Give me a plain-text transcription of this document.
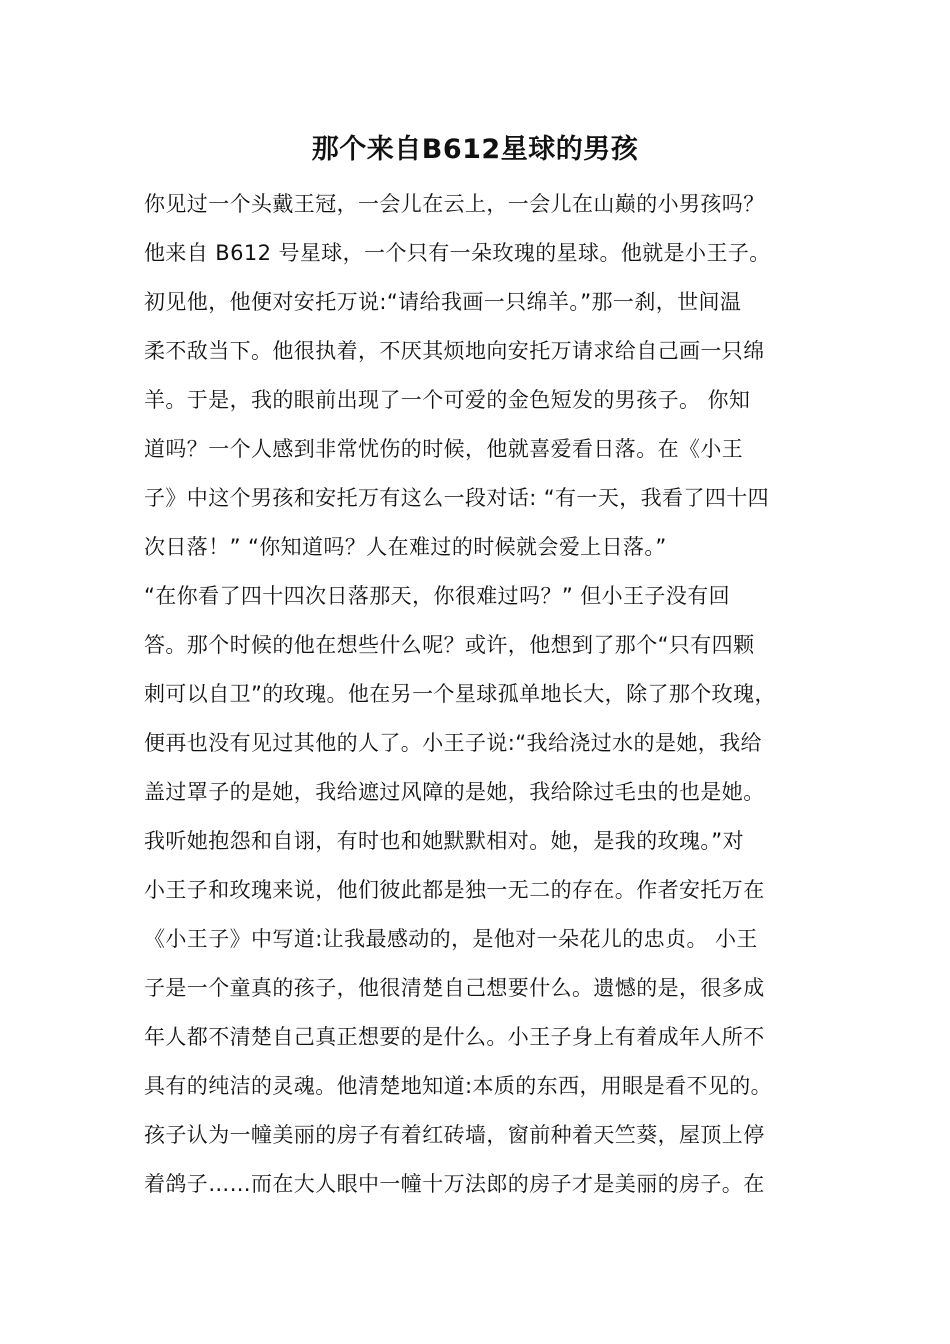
那个来自B612星球的男孩
你见过一个头戴王冠，一会儿在云上，一会儿在山巅的小男孩吗？
他来自 B612 号星球，一个只有一朵玫瑰的星球。他就是小王子。
初见他，他便对安托万说:“请给我画一只绵羊。”那一刹，世间温
柔不敌当下。他很执着，不厌其烦地向安托万请求给自己画一只绵
羊。于是，我的眼前出现了一个可爱的金色短发的男孩子。 你知
道吗？一个人感到非常忧伤的时候，他就喜爱看日落。在《小王
子》中这个男孩和安托万有这么一段对话: “有一天，我看了四十四
次日落！” “你知道吗？人在难过的时候就会爱上日落。”
“在你看了四十四次日落那天，你很难过吗？” 但小王子没有回
答。那个时候的他在想些什么呢？或许，他想到了那个“只有四颗
刺可以自卫”的玫瑰。他在另一个星球孤单地长大，除了那个玫瑰，
便再也没有见过其他的人了。小王子说:“我给浇过水的是她，我给
盖过罩子的是她，我给遮过风障的是她，我给除过毛虫的也是她。
我听她抱怨和自诩，有时也和她默默相对。她，是我的玫瑰。”对
小王子和玫瑰来说，他们彼此都是独一无二的存在。作者安托万在
《小王子》中写道:让我最感动的，是他对一朵花儿的忠贞。 小王
子是一个童真的孩子，他很清楚自己想要什么。遗憾的是，很多成
年人都不清楚自己真正想要的是什么。小王子身上有着成年人所不
具有的纯洁的灵魂。他清楚地知道:本质的东西，用眼是看不见的。
孩子认为一幢美丽的房子有着红砖墙，窗前种着天竺葵，屋顶上停
着鸽子……而在大人眼中一幢十万法郎的房子才是美丽的房子。在
